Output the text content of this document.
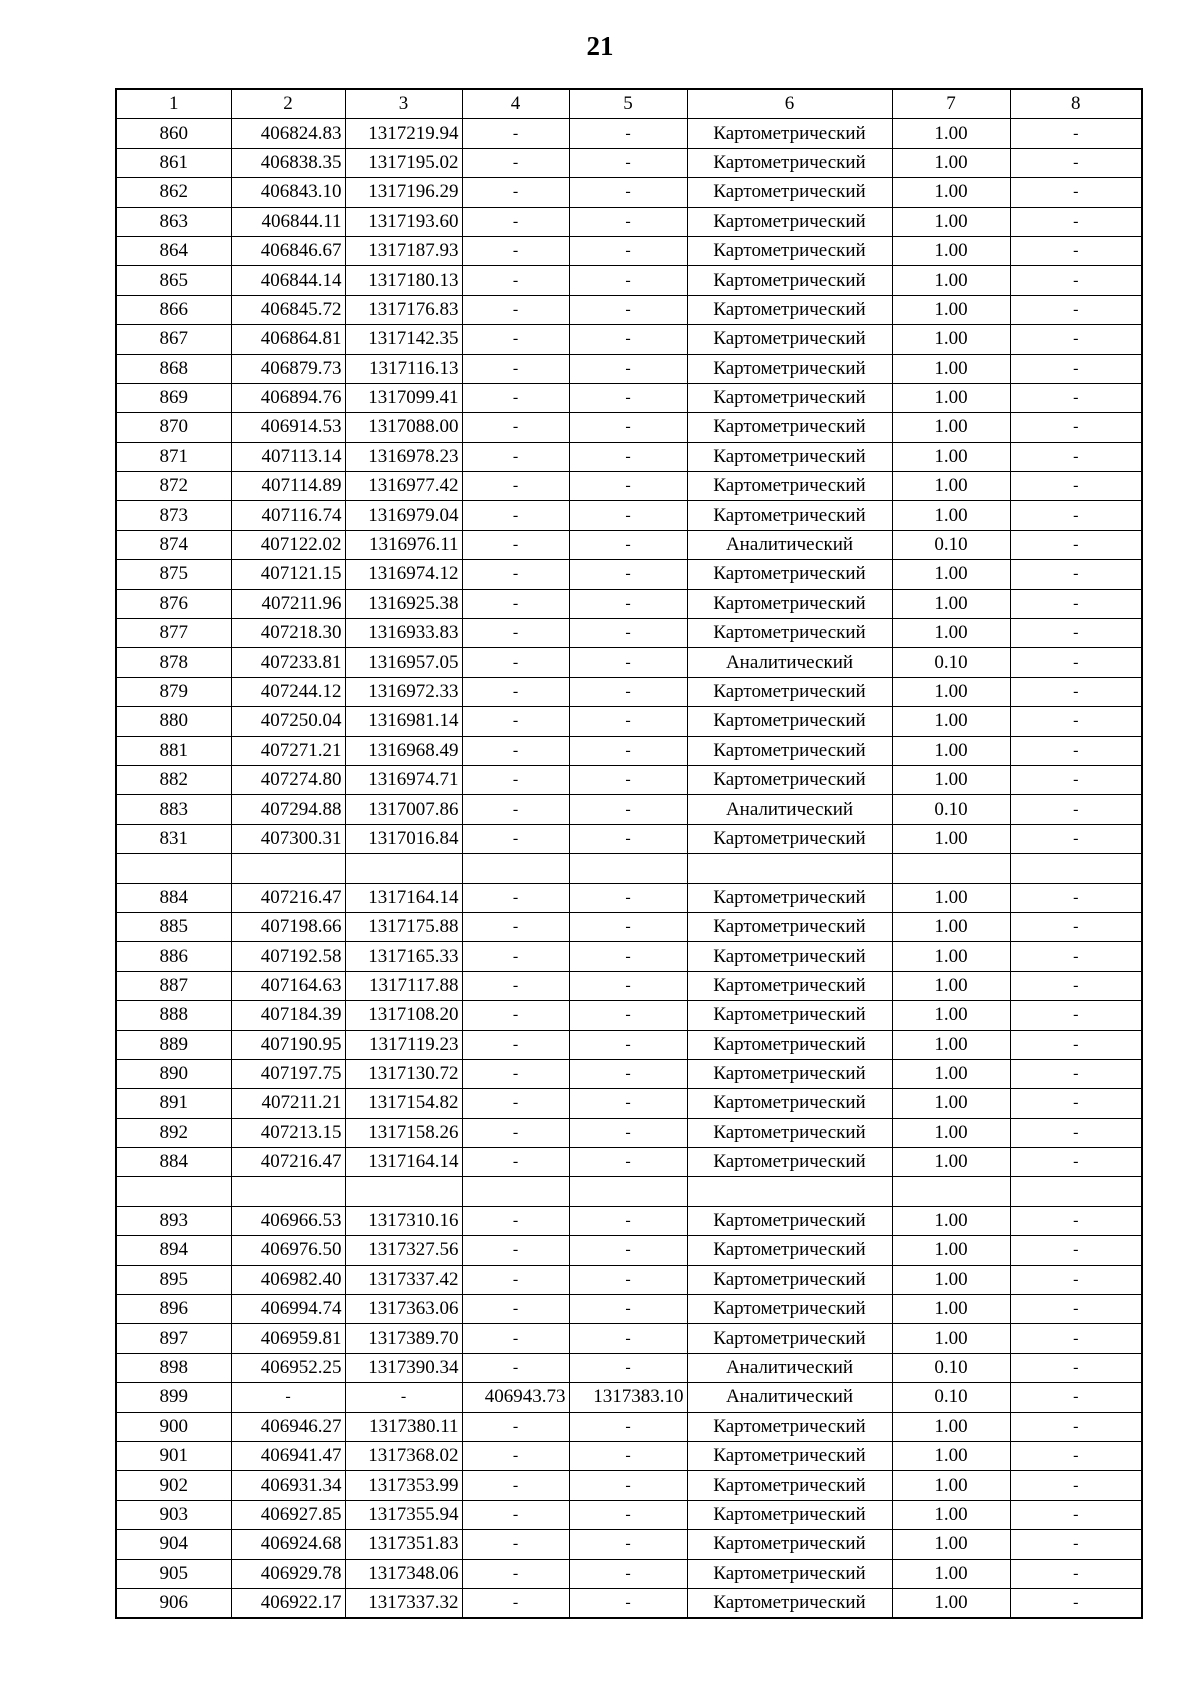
21
1	2	3	4	5	6	7	8
860	406824.83	1317219.94	-	-	Картометрический	1.00	-
861	406838.35	1317195.02	-	-	Картометрический	1.00	-
862	406843.10	1317196.29	-	-	Картометрический	1.00	-
863	406844.11	1317193.60	-	-	Картометрический	1.00	-
864	406846.67	1317187.93	-	-	Картометрический	1.00	-
865	406844.14	1317180.13	-	-	Картометрический	1.00	-
866	406845.72	1317176.83	-	-	Картометрический	1.00	-
867	406864.81	1317142.35	-	-	Картометрический	1.00	-
868	406879.73	1317116.13	-	-	Картометрический	1.00	-
869	406894.76	1317099.41	-	-	Картометрический	1.00	-
870	406914.53	1317088.00	-	-	Картометрический	1.00	-
871	407113.14	1316978.23	-	-	Картометрический	1.00	-
872	407114.89	1316977.42	-	-	Картометрический	1.00	-
873	407116.74	1316979.04	-	-	Картометрический	1.00	-
874	407122.02	1316976.11	-	-	Аналитический	0.10	-
875	407121.15	1316974.12	-	-	Картометрический	1.00	-
876	407211.96	1316925.38	-	-	Картометрический	1.00	-
877	407218.30	1316933.83	-	-	Картометрический	1.00	-
878	407233.81	1316957.05	-	-	Аналитический	0.10	-
879	407244.12	1316972.33	-	-	Картометрический	1.00	-
880	407250.04	1316981.14	-	-	Картометрический	1.00	-
881	407271.21	1316968.49	-	-	Картометрический	1.00	-
882	407274.80	1316974.71	-	-	Картометрический	1.00	-
883	407294.88	1317007.86	-	-	Аналитический	0.10	-
831	407300.31	1317016.84	-	-	Картометрический	1.00	-

884	407216.47	1317164.14	-	-	Картометрический	1.00	-
885	407198.66	1317175.88	-	-	Картометрический	1.00	-
886	407192.58	1317165.33	-	-	Картометрический	1.00	-
887	407164.63	1317117.88	-	-	Картометрический	1.00	-
888	407184.39	1317108.20	-	-	Картометрический	1.00	-
889	407190.95	1317119.23	-	-	Картометрический	1.00	-
890	407197.75	1317130.72	-	-	Картометрический	1.00	-
891	407211.21	1317154.82	-	-	Картометрический	1.00	-
892	407213.15	1317158.26	-	-	Картометрический	1.00	-
884	407216.47	1317164.14	-	-	Картометрический	1.00	-

893	406966.53	1317310.16	-	-	Картометрический	1.00	-
894	406976.50	1317327.56	-	-	Картометрический	1.00	-
895	406982.40	1317337.42	-	-	Картометрический	1.00	-
896	406994.74	1317363.06	-	-	Картометрический	1.00	-
897	406959.81	1317389.70	-	-	Картометрический	1.00	-
898	406952.25	1317390.34	-	-	Аналитический	0.10	-
899	-	-	406943.73	1317383.10	Аналитический	0.10	-
900	406946.27	1317380.11	-	-	Картометрический	1.00	-
901	406941.47	1317368.02	-	-	Картометрический	1.00	-
902	406931.34	1317353.99	-	-	Картометрический	1.00	-
903	406927.85	1317355.94	-	-	Картометрический	1.00	-
904	406924.68	1317351.83	-	-	Картометрический	1.00	-
905	406929.78	1317348.06	-	-	Картометрический	1.00	-
906	406922.17	1317337.32	-	-	Картометрический	1.00	-
